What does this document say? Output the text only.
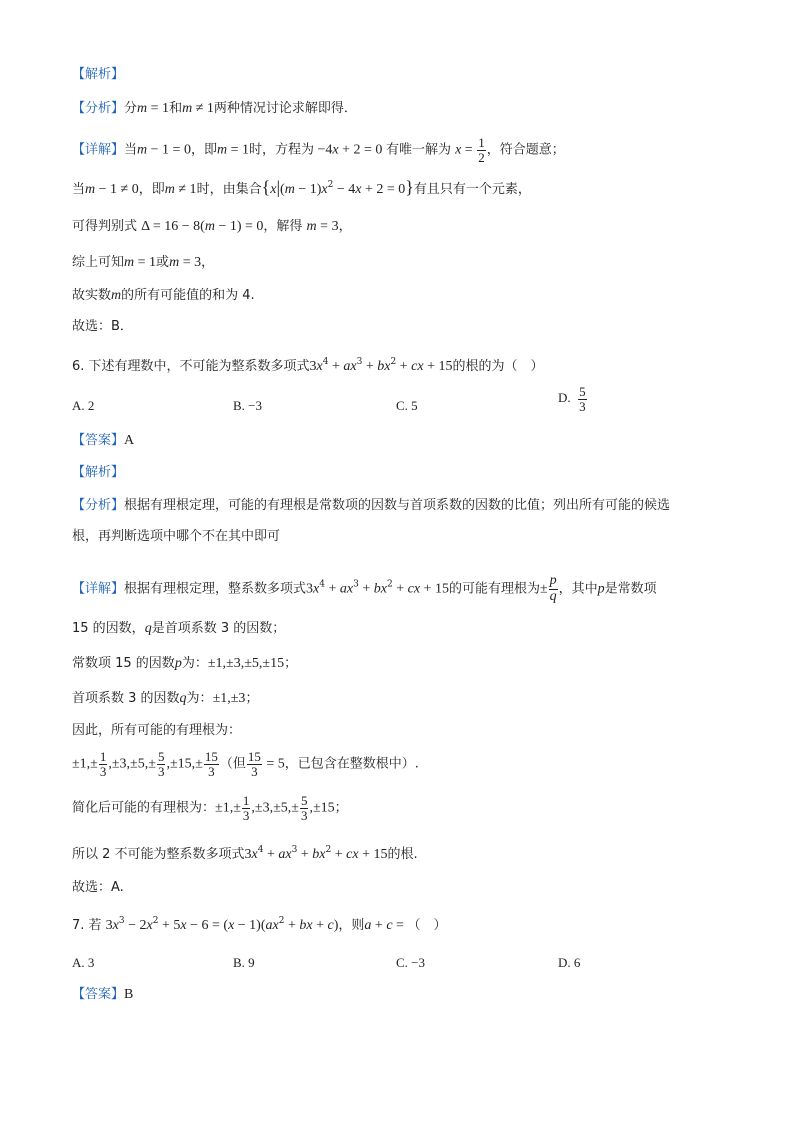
【解析】
【分析】分m = 1和m ≠ 1两种情况讨论求解即得．
【详解】当m − 1 = 0，即m = 1时，方程为 −4x + 2 = 0 有唯一解为 $x = \frac{1}{2}$ ，符合题意；
当m − 1 ≠ 0，即m ≠ 1时，由集合$\{x|(m - 1)x^2 - 4x + 2 = 0\}$有且只有一个元素，
可得判别式 Δ = 16 − 8(m − 1) = 0，解得 m = 3，
综上可知m = 1或m = 3，
故实数m的所有可能值的和为 4.
故选：B．
6. 下述有理数中，不可能为整系数多项式$3x^4 + ax^3 + bx^2$ + cx + 15的根的为（　）
A. 2	B. −3	C. 5
D. $\frac{5}{3}$
【答案】A
【解析】
【分析】根据有理根定理，可能的有理根是常数项的因数与首项系数的因数的比值；列出所有可能的候选
根，再判断选项中哪个不在其中即可
【详解】根据有理根定理，整系数多项式$3x^4 + ax^3 + bx^2$ + cx + 15的可能有理根为± $\frac{p}{q}$ ，其中p是常数项
15 的因数，q是首项系数 3 的因数；
常数项 15 的因数p为：±1,±3,±5,±15；
首项系数 3 的因数q为：±1,±3；
因此，所有可能的有理根为：
$\pm 1,\pm \frac{1}{3} ,\pm 3,\pm 5,\pm \frac{5}{3} ,\pm 15,\pm \frac{15}{3}$ （但 $\frac{15}{3} = 5$，已包含在整数根中）.
简化后可能的有理根为：$\pm 1,\pm \frac{1}{3} ,\pm 3,\pm 5,\pm \frac{5}{3} ,\pm 15$；
所以 2 不可能为整系数多项式$3x^4 + ax^3 + bx^2$ + cx + 15的根.
故选：A.
7. 若 $3x^3 - 2x^2 + 5x - 6 = (x - 1)(ax^2$ + bx + c)，则a + c = （　）
A. 3	B. 9	C. −3	D. 6
【答案】B
